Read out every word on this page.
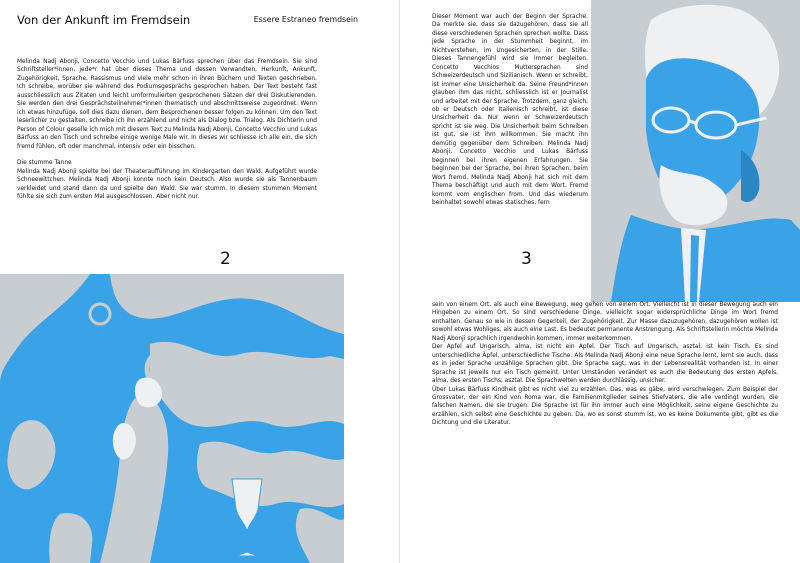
Von der Ankunft im Fremdsein	Essere Estraneo fremdsein

Melinda Nadj Abonji, Concetto Vecchio und Lukas Bärfuss sprechen über das Fremdsein. Sie sind Schriftsteller*innen, jede*r hat über dieses Thema und dessen Verwandten, Herkunft, Ankunft, Zugehörigkeit, Sprache, Rassismus und viele mehr schon in ihren Büchern und Texten geschrieben. Ich schreibe, worüber sie während des Podiumsgesprächs gesprochen haben. Der Text besteht fast ausschliesslich aus Zitaten und leicht umformulierten gesprochenen Sätzen der drei Diskutierenden. Sie werden den drei Gesprächsteilnehmer*innen thematisch und abschnittsweise zugeordnet. Wenn ich etwas hinzufüge, soll dies dazu dienen, dem Besprochenen besser folgen zu können. Um den Text leserlicher zu gestalten, schreibe ich ihn erzählend und nicht als Dialog bzw. Trialog. Als Dichterin und Person of Colour geselle ich mich mit diesem Text zu Melinda Nadj Abonji, Concetto Vecchio und Lukas Bärfuss an den Tisch und schreibe einige wenige Male wir. In dieses wir schliesse ich alle ein, die sich fremd fühlen, oft oder manchmal, intensiv oder ein bisschen.

Die stumme Tanne
Melinda Nadj Abonji spielte bei der Theateraufführung im Kindergarten den Wald. Aufgeführt wurde Schneewittchen. Melinda Nadj Abonji konnte noch kein Deutsch. Also wurde sie als Tannenbaum verkleidet und stand dann da und spielte den Wald. Sie war stumm. In diesem stummen Moment fühlte sie sich zum ersten Mal ausgeschlossen. Aber nicht nur.

2

Dieser Moment war auch der Beginn der Sprache. Da merkte sie, dass sie dazugehören, dass sie all diese verschiedenen Sprachen sprechen wollte. Dass jede Sprache in der Stummheit beginnt, im Nichtverstehen, im Ungesicherten, in der Stille. Dieses Tannengefühl wird sie immer begleiten. Concetto Vecchios Muttersprachen sind Schweizerdeutsch und Sizilianisch. Wenn er schreibt, ist immer eine Unsicherheit da. Seine Freund*innen glauben ihm das nicht, schliesslich ist er Journalist und arbeitet mit der Sprache. Trotzdem, ganz gleich, ob er Deutsch oder Italienisch schreibt, ist diese Unsicherheit da. Nur wenn er Schweizerdeutsch spricht ist sie weg. Die Unsicherheit beim Schreiben ist gut, sie ist ihm willkommen. Sie macht ihn demütig gegenüber dem Schreiben. Melinda Nadj Abonji, Concetto Vecchio und Lukas Bärfuss beginnen bei ihren eigenen Erfahrungen. Sie beginnen bei der Sprache, bei ihren Sprachen, beim Wort fremd. Melinda Nadj Abonji hat sich mit dem Thema beschäftigt und auch mit dem Wort. Fremd kommt vom englischen from. Und das wiederum beinhaltet sowohl etwas statisches, fern

sein von einem Ort, als auch eine Bewegung, weg gehen von einem Ort. Vielleicht ist in dieser Bewegung auch ein Hingeben zu einem Ort. So sind verschiedene Dinge, vielleicht sogar widersprüchliche Dinge im Wort fremd enthalten. Genau so wie in dessen Gegenteil, der Zugehörigkeit. Zur Masse dazuzugehören, dazugehören wollen ist sowohl etwas Wohliges, als auch eine Last. Es bedeutet permanente Anstrengung. Als Schriftstellerin möchte Melinda Nadj Abonji sprachlich irgendwohin kommen, immer weiterkommen.

Der Apfel auf Ungarisch, alma, ist nicht ein Apfel. Der Tisch auf Ungarisch, asztal, ist kein Tisch. Es sind unterschiedliche Äpfel, unterschiedliche Tische. Als Melinda Nadj Abonji eine neue Sprache lernt, lernt sie auch, dass es in jeder Sprache unzählige Sprachen gibt. Die Sprache sagt, was in der Lebensrealität vorhanden ist. In einer Sprache ist jeweils nur ein Tisch gemeint. Unter Umständen verändert es auch die Bedeutung des ersten Apfels, alma, des ersten Tischs, asztal. Die Sprachwelten werden durchlässig, unsicher.

Über Lukas Bärfuss Kindheit gibt es nicht viel zu erzählen. Das, was es gäbe, wird verschwiegen. Zum Beispiel der Grossvater, der ein Kind von Roma war, die Familienmitglieder seines Stiefvaters, die alle verdingt wurden, die falschen Namen, die sie trugen. Die Sprache ist für ihn immer auch eine Möglichkeit, seine eigene Geschichte zu erzählen, sich selbst eine Geschichte zu geben. Da, wo es sonst stumm ist, wo es keine Dokumente gibt, gibt es die Dichtung und die Literatur.

3
